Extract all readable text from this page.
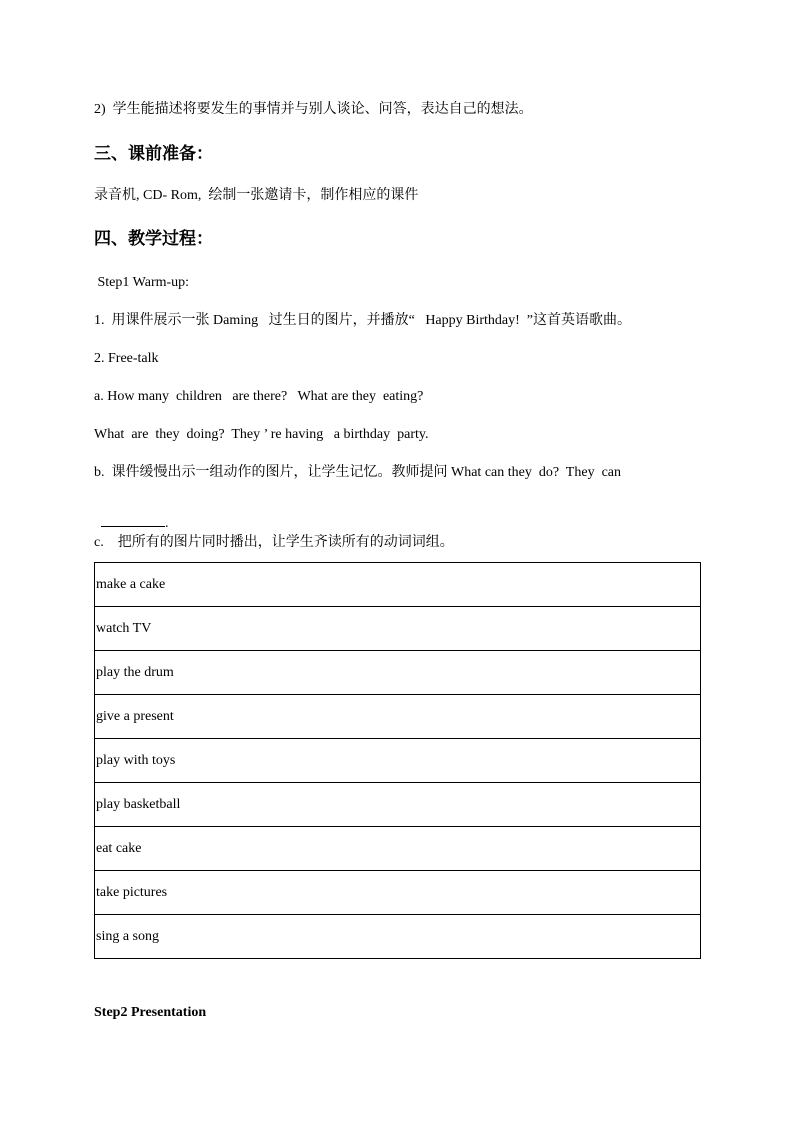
2)  学生能描述将要发生的事情并与别人谈论、问答，表达自己的想法。
三、课前准备：
录音机, CD- Rom,  绘制一张邀请卡，制作相应的课件
四、教学过程：
Step1 Warm-up:
1.  用课件展示一张 Daming   过生日的图片，并播放“   Happy Birthday!  ”这首英语歌曲。
2. Free-talk
a. How many  children   are there?   What are they  eating?
What  are  they  doing?  They ’ re having   a birthday  party.
b.  课件缓慢出示一组动作的图片，让学生记忆。教师提问 What can they  do?  They  can

.

c.    把所有的图片同时播出，让学生齐读所有的动词词组。
make a cake
watch TV
play the drum
give a present
play with toys
play basketball
eat cake
take pictures
sing a song
Step2 Presentation
